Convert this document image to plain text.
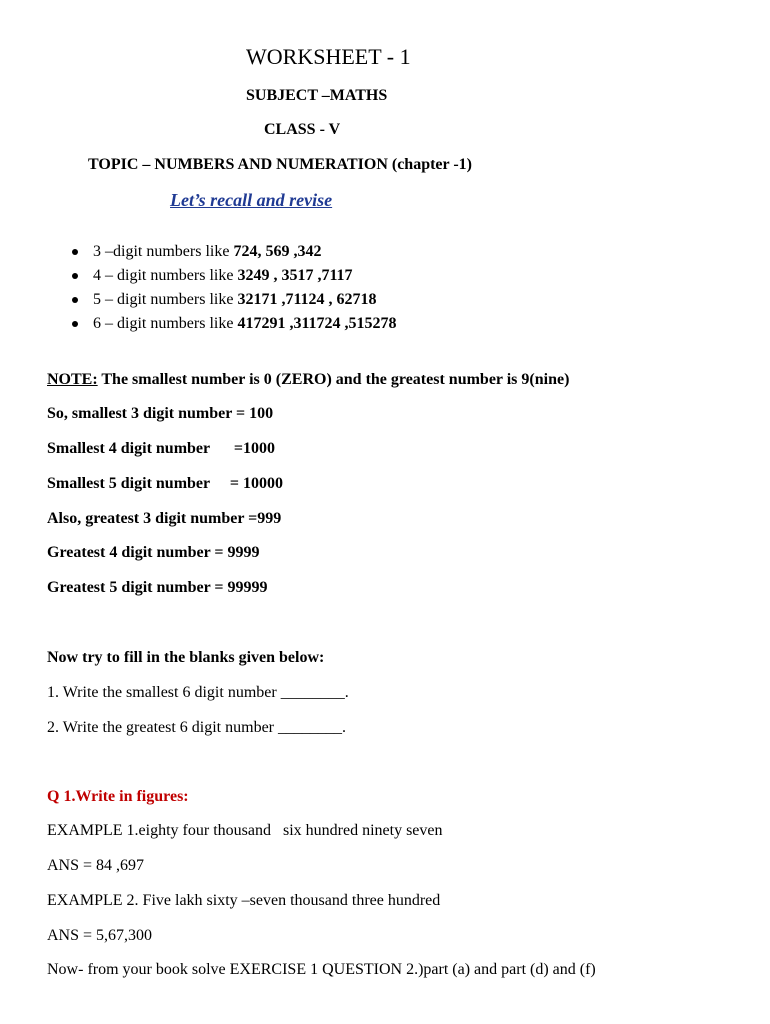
WORKSHEET - 1
SUBJECT –MATHS
CLASS - V
TOPIC – NUMBERS AND NUMERATION (chapter -1)
Let’s recall and revise
3 –digit numbers like 724, 569 ,342
4 – digit numbers like 3249 , 3517 ,7117
5 – digit numbers like 32171 ,71124 , 62718
6 – digit numbers like 417291 ,311724 ,515278
NOTE: The smallest number is 0 (ZERO) and the greatest number is 9(nine)
So, smallest 3 digit number = 100
Smallest 4 digit number      =1000
Smallest 5 digit number     = 10000
Also, greatest 3 digit number =999
Greatest 4 digit number = 9999
Greatest 5 digit number = 99999
Now try to fill in the blanks given below:
1. Write the smallest 6 digit number ________.
2. Write the greatest 6 digit number ________.
Q 1.Write in figures:
EXAMPLE 1.eighty four thousand   six hundred ninety seven
ANS = 84 ,697
EXAMPLE 2. Five lakh sixty –seven thousand three hundred
ANS = 5,67,300
Now- from your book solve EXERCISE 1 QUESTION 2.)part (a) and part (d) and (f)
